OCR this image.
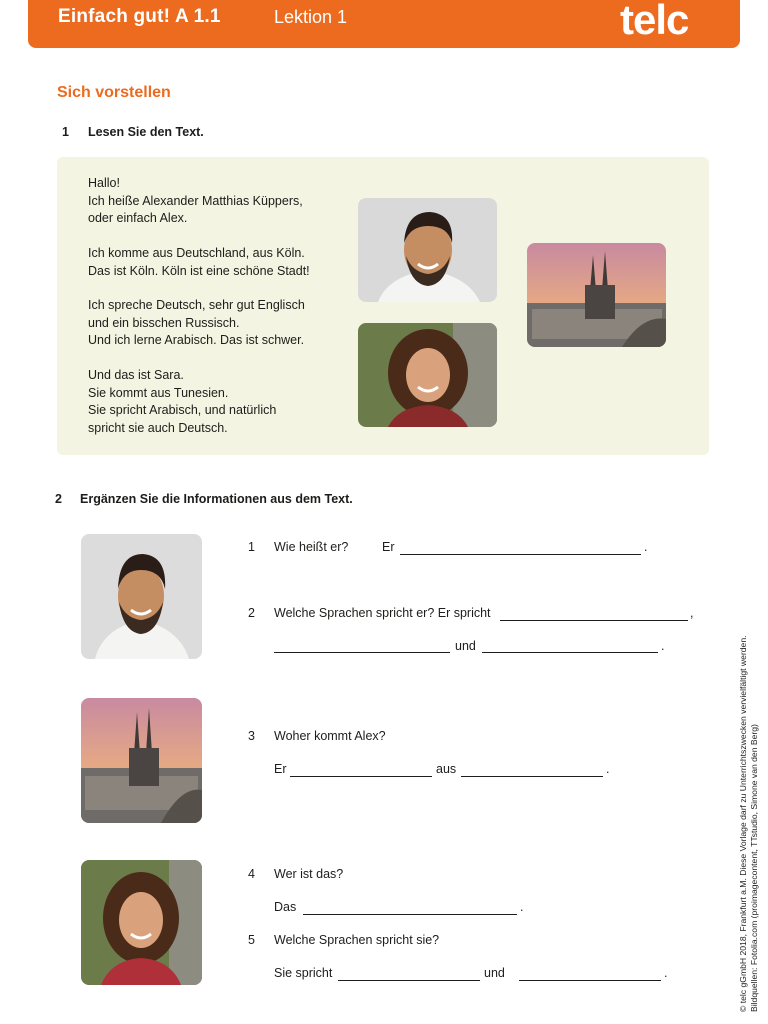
Einfach gut! A 1.1	Lektion 1	telc
Sich vorstellen
1 Lesen Sie den Text.
Hallo!
Ich heiße Alexander Matthias Küppers,
oder einfach Alex.
Ich komme aus Deutschland, aus Köln.
Das ist Köln. Köln ist eine schöne Stadt!
Ich spreche Deutsch, sehr gut Englisch
und ein bisschen Russisch.
Und ich lerne Arabisch. Das ist schwer.
Und das ist Sara.
Sie kommt aus Tunesien.
Sie spricht Arabisch, und natürlich
spricht sie auch Deutsch.
2 Ergänzen Sie die Informationen aus dem Text.
1 Wie heißt er?	Er	.
2 Welche Sprachen spricht er? Er spricht	,
und	.
3 Woher kommt Alex?
Er	aus	.
4 Wer ist das?
Das	.
5 Welche Sprachen spricht sie?
Sie spricht	und	.	© telc gGmbH 2018, Frankfurt a.M. Diese Vorlage darf zu Unterrichtszwecken vervielfältigt werden. Bildquellen: Fotolia.com (proimagecontent, TTstudio, Simone van den Berg)
